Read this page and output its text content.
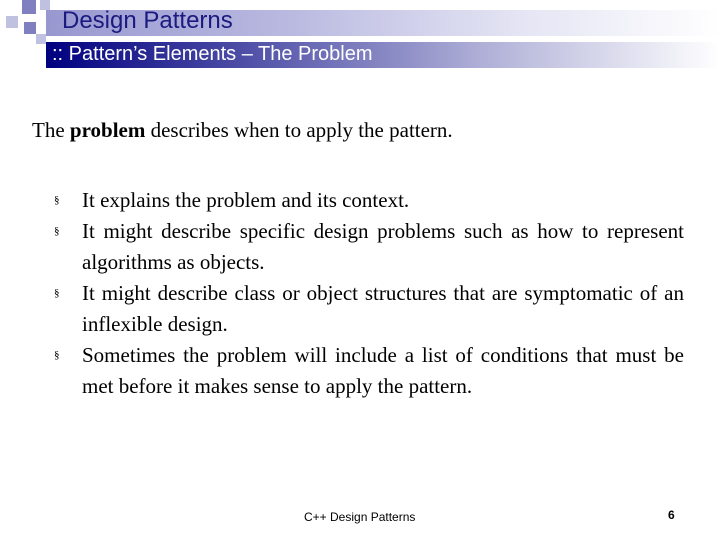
Design Patterns
:: Pattern’s Elements – The Problem
The problem describes when to apply the pattern.
§ It explains the problem and its context.
§ It might describe specific design problems such as how to represent algorithms as objects.
§ It might describe class or object structures that are symptomatic of an inflexible design.
§ Sometimes the problem will include a list of conditions that must be met before it makes sense to apply the pattern.
C++ Design Patterns	6
